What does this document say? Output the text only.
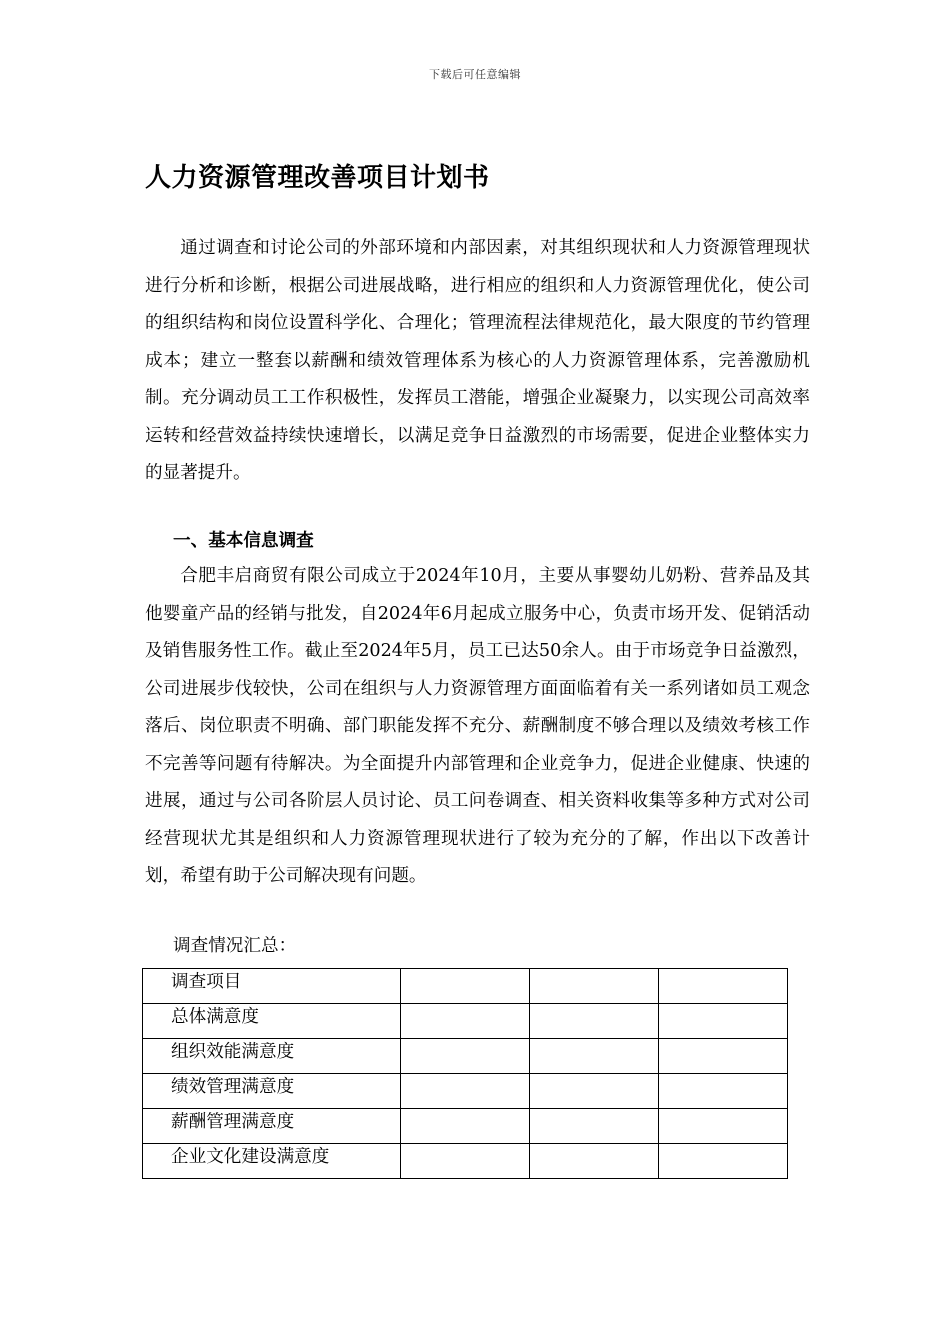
下载后可任意编辑
人力资源管理改善项目计划书

通过调查和讨论公司的外部环境和内部因素，对其组织现状和人力资源管理现状进行分析和诊断，根据公司进展战略，进行相应的组织和人力资源管理优化，使公司的组织结构和岗位设置科学化、合理化；管理流程法律规范化，最大限度的节约管理成本；建立一整套以薪酬和绩效管理体系为核心的人力资源管理体系，完善激励机制。充分调动员工工作积极性，发挥员工潜能，增强企业凝聚力，以实现公司高效率运转和经营效益持续快速增长，以满足竞争日益激烈的市场需要，促进企业整体实力的显著提升。

一、基本信息调查

合肥丰启商贸有限公司成立于2024年10月，主要从事婴幼儿奶粉、营养品及其他婴童产品的经销与批发，自2024年6月起成立服务中心，负责市场开发、促销活动及销售服务性工作。截止至2024年5月，员工已达50余人。由于市场竞争日益激烈，公司进展步伐较快，公司在组织与人力资源管理方面面临着有关一系列诸如员工观念落后、岗位职责不明确、部门职能发挥不充分、薪酬制度不够合理以及绩效考核工作不完善等问题有待解决。为全面提升内部管理和企业竞争力，促进企业健康、快速的进展，通过与公司各阶层人员讨论、员工问卷调查、相关资料收集等多种方式对公司经营现状尤其是组织和人力资源管理现状进行了较为充分的了解，作出以下改善计划，希望有助于公司解决现有问题。

调查情况汇总：

调查项目			
总体满意度			
组织效能满意度			
绩效管理满意度			
薪酬管理满意度			
企业文化建设满意度			
